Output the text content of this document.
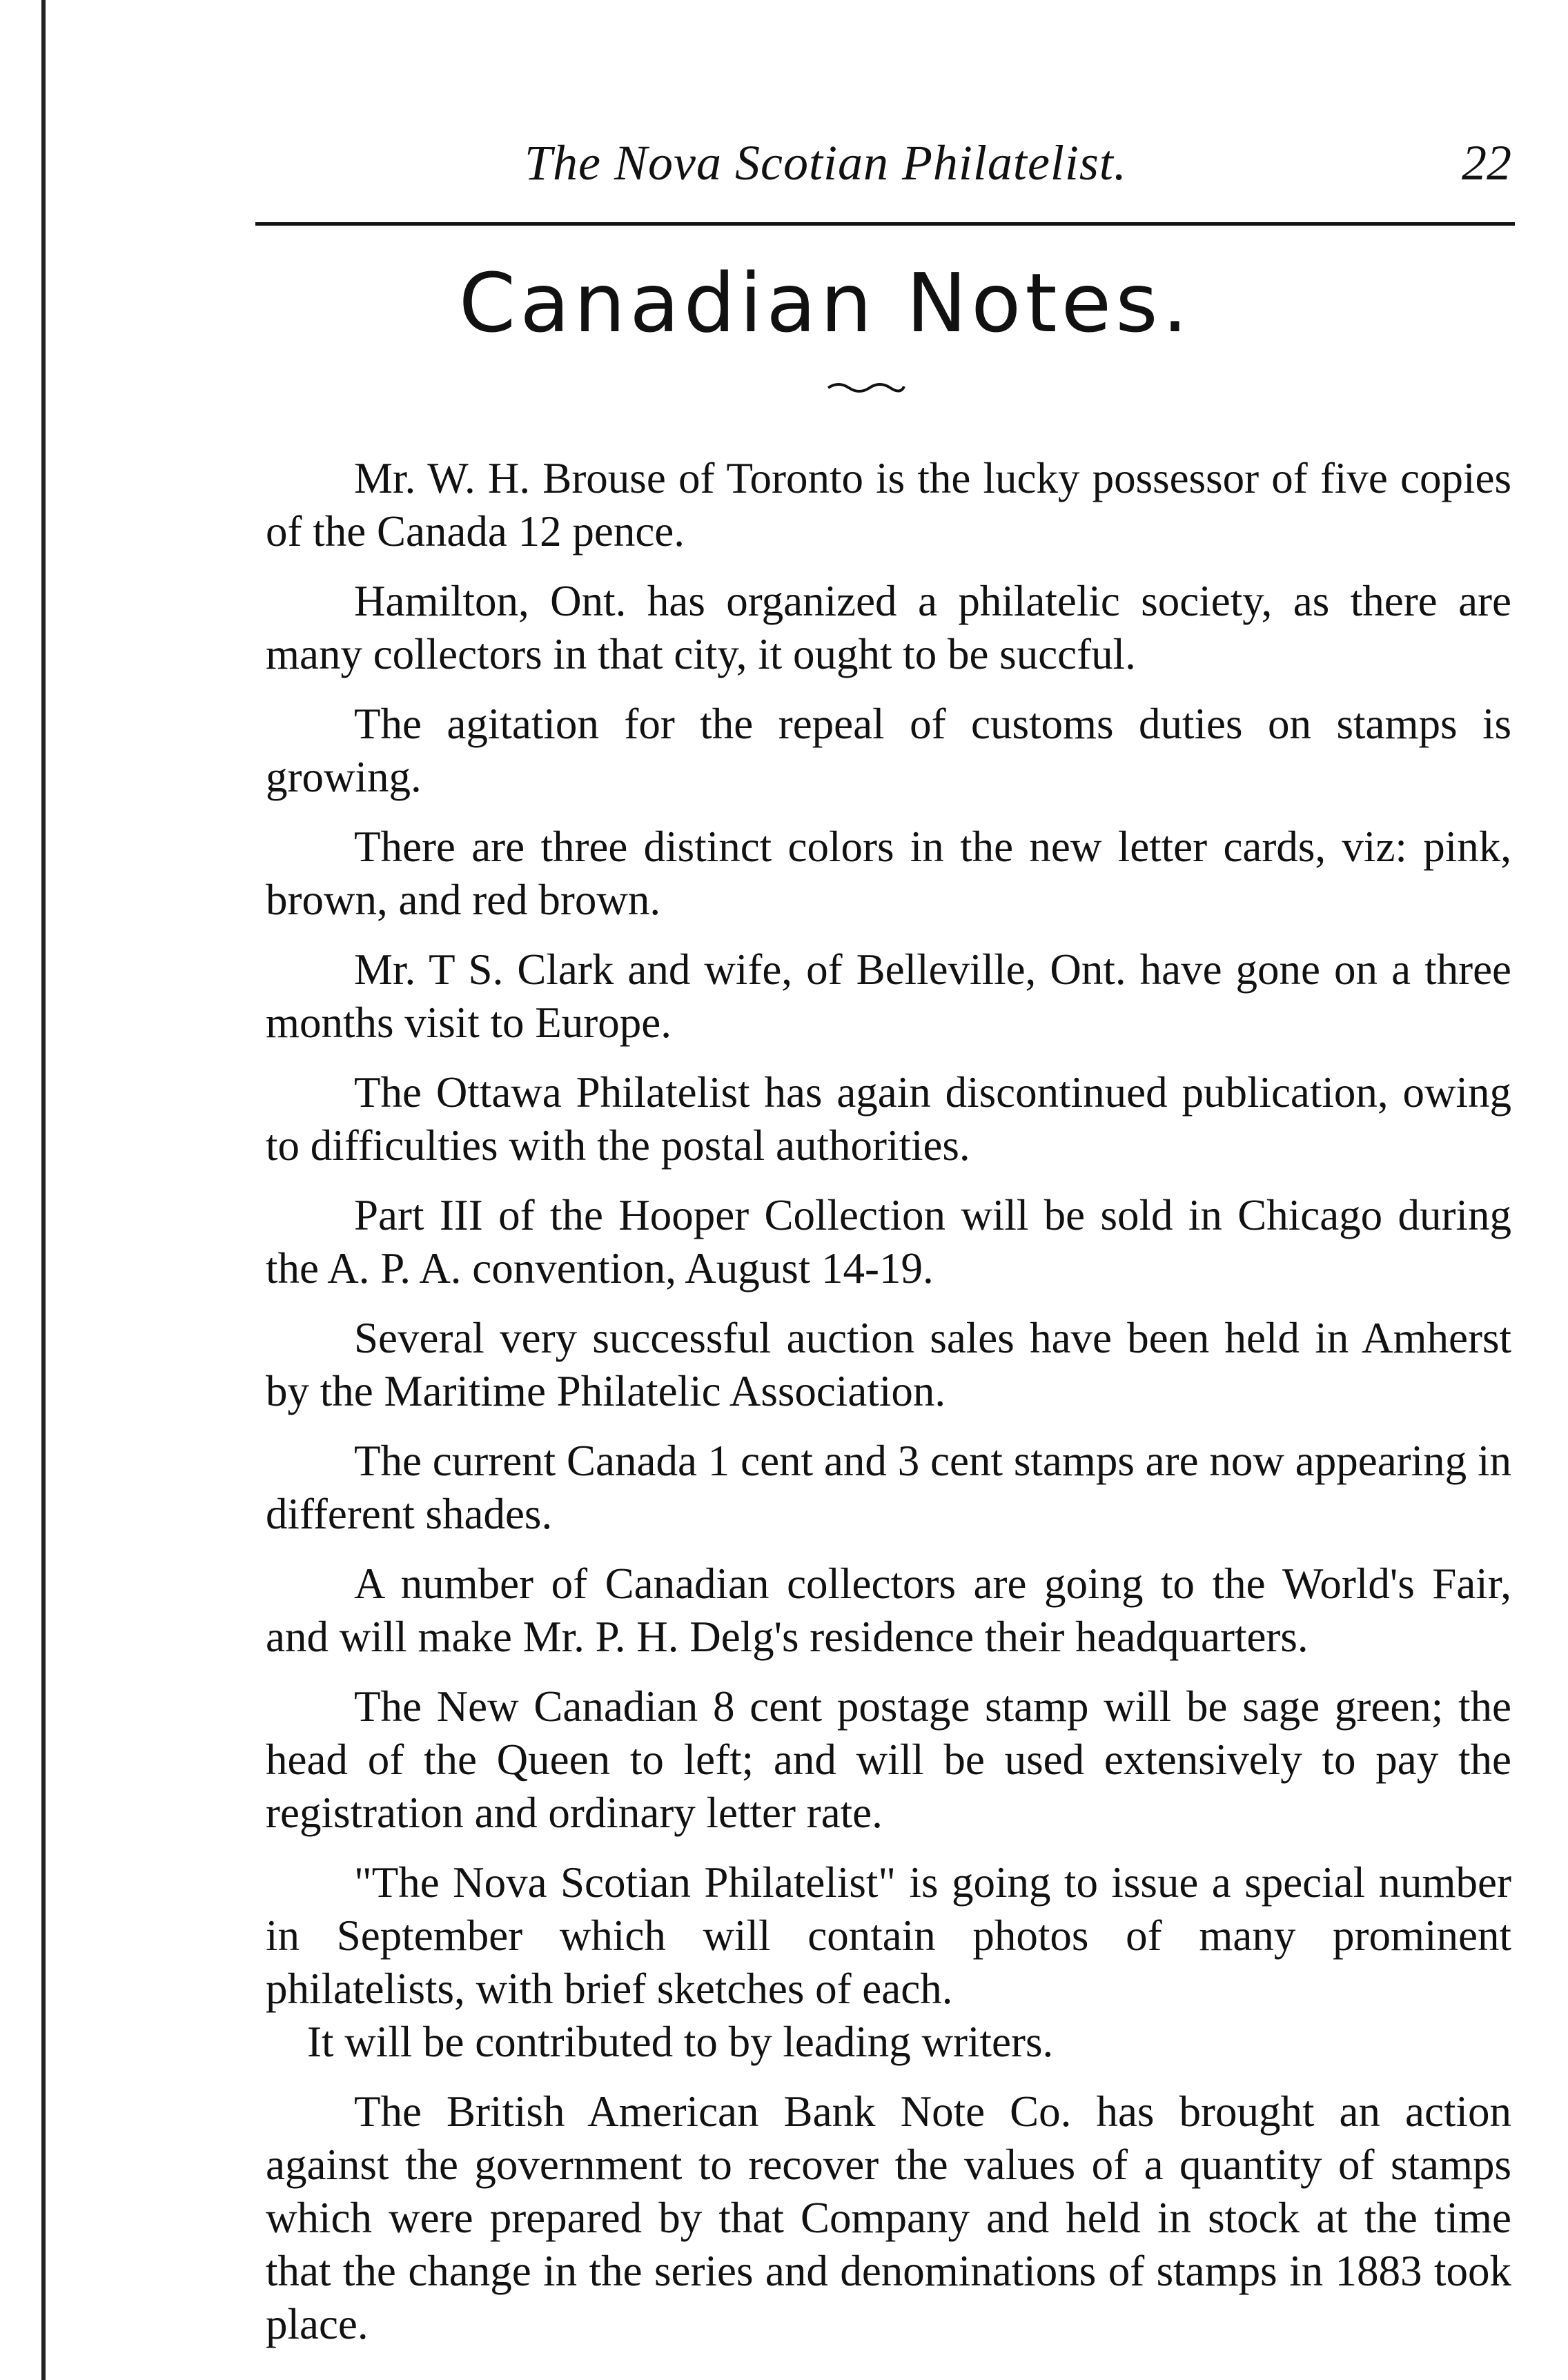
The Nova Scotian Philatelist.	22
Canadian Notes.

Mr. W. H. Brouse of Toronto is the lucky possessor of five copies of the Canada 12 pence.

Hamilton, Ont. has organized a philatelic society, as there are many collectors in that city, it ought to be succful.

The agitation for the repeal of customs duties on stamps is growing.

There are three distinct colors in the new letter cards, viz: pink, brown, and red brown.

Mr. T S. Clark and wife, of Belleville, Ont. have gone on a three months visit to Europe.

The Ottawa Philatelist has again discontinued publication, owing to difficulties with the postal authorities.

Part III of the Hooper Collection will be sold in Chicago during the A. P. A. convention, August 14-19.

Several very successful auction sales have been held in Amherst by the Maritime Philatelic Association.

The current Canada 1 cent and 3 cent stamps are now appearing in different shades.

A number of Canadian collectors are going to the World's Fair, and will make Mr. P. H. Delg's residence their headquarters.

The New Canadian 8 cent postage stamp will be sage green; the head of the Queen to left; and will be used extensively to pay the registration and ordinary letter rate.

"The Nova Scotian Philatelist" is going to issue a special number in September which will contain photos of many prominent philatelists, with brief sketches of each.

It will be contributed to by leading writers.

The British American Bank Note Co. has brought an action against the government to recover the values of a quantity of stamps which were prepared by that Company and held in stock at the time that the change in the series and denominations of stamps in 1883 took place.
